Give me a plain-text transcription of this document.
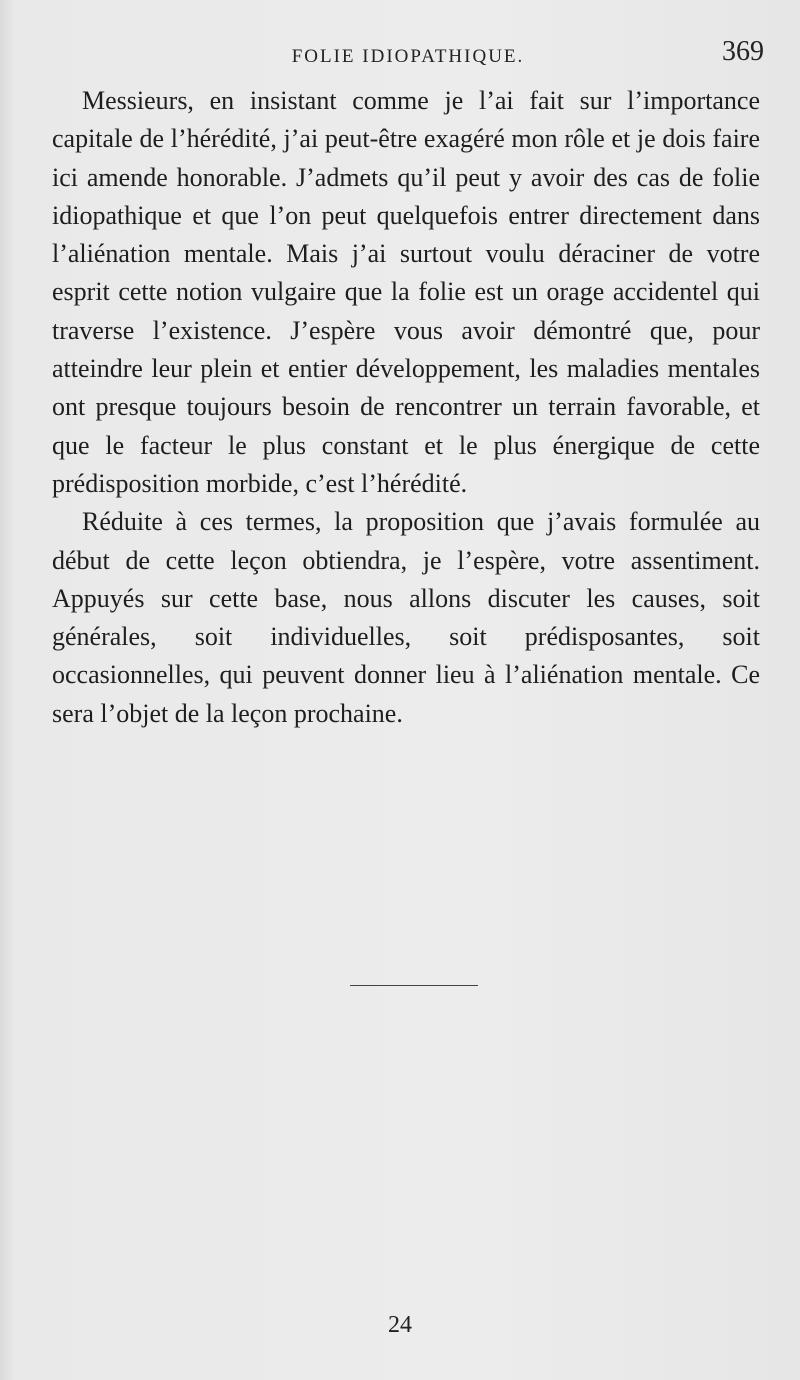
FOLIE IDIOPATHIQUE.	369

Messieurs, en insistant comme je l’ai fait sur l’importance capitale de l’hérédité, j’ai peut-être exagéré mon rôle et je dois faire ici amende honorable. J’admets qu’il peut y avoir des cas de folie idiopathique et que l’on peut quelquefois entrer directement dans l’aliénation mentale. Mais j’ai surtout voulu déraciner de votre esprit cette notion vulgaire que la folie est un orage accidentel qui traverse l’existence. J’espère vous avoir démontré que, pour atteindre leur plein et entier développement, les maladies mentales ont presque toujours besoin de rencontrer un terrain favorable, et que le facteur le plus constant et le plus énergique de cette prédisposition morbide, c’est l’hérédité.

Réduite à ces termes, la proposition que j’avais formulée au début de cette leçon obtiendra, je l’espère, votre assentiment. Appuyés sur cette base, nous allons discuter les causes, soit générales, soit individuelles, soit prédisposantes, soit occasionnelles, qui peuvent donner lieu à l’aliénation mentale. Ce sera l’objet de la leçon prochaine.

24
